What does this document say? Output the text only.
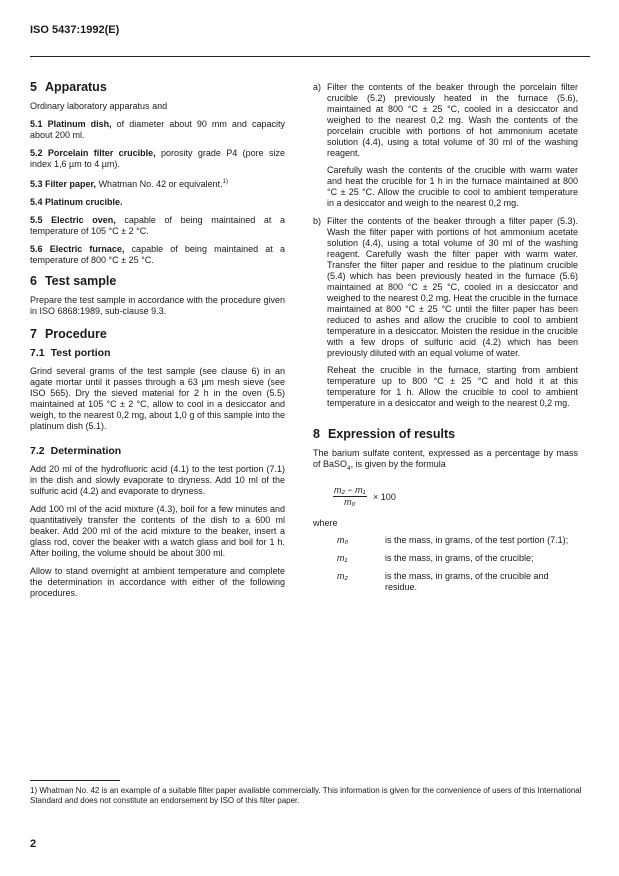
ISO 5437:1992(E)
5 Apparatus

Ordinary laboratory apparatus and

5.1 Platinum dish, of diameter about 90 mm and capacity about 200 ml.

5.2 Porcelain filter crucible, porosity grade P4 (pore size index 1,6 µm to 4 µm).

5.3 Filter paper, Whatman No. 42 or equivalent.$^{1)}$

5.4 Platinum crucible.

5.5 Electric oven, capable of being maintained at a temperature of 105 °C ± 2 °C.

5.6 Electric furnace, capable of being maintained at a temperature of 800 °C ± 25 °C.

6 Test sample

Prepare the test sample in accordance with the procedure given in ISO 6868:1989, sub-clause 9.3.

7 Procedure
7.1 Test portion

Grind several grams of the test sample (see clause 6) in an agate mortar until it passes through a 63 µm mesh sieve (see ISO 565). Dry the sieved material for 2 h in the oven (5.5) maintained at 105 °C ± 2 °C, allow to cool in a desiccator and weigh, to the nearest 0,2 mg, about 1,0 g of this sample into the platinum dish (5.1).

7.2 Determination

Add 20 ml of the hydrofluoric acid (4.1) to the test portion (7.1) in the dish and slowly evaporate to dryness. Add 10 ml of the sulfuric acid (4.2) and evaporate to dryness.

Add 100 ml of the acid mixture (4.3), boil for a few minutes and quantitatively transfer the contents of the dish to a 600 ml beaker. Add 200 ml of the acid mixture to the beaker, insert a glass rod, cover the beaker with a watch glass and boil for 1 h. After boiling, the volume should be about 300 ml.

Allow to stand overnight at ambient temperature and complete the determination in accordance with either of the following procedures.

a) Filter the contents of the beaker through the porcelain filter crucible (5.2) previously heated in the furnace (5.6), maintained at 800 °C ± 25 °C, cooled in a desiccator and weighed to the nearest 0,2 mg. Wash the contents of the porcelain crucible with portions of hot ammonium acetate solution (4.4), using a total volume of 30 ml of the washing reagent.

Carefully wash the contents of the crucible with warm water and heat the crucible for 1 h in the furnace maintained at 800 °C ± 25 °C. Allow the crucible to cool to ambient temperature in a desiccator and weigh to the nearest 0,2 mg.

b) Filter the contents of the beaker through a filter paper (5.3). Wash the filter paper with portions of hot ammonium acetate solution (4.4), using a total volume of 30 ml of the washing reagent. Carefully wash the filter paper with warm water. Transfer the filter paper and residue to the platinum crucible (5.4) which has been previously heated in the furnace (5.6) maintained at 800 °C ± 25 °C, cooled in a desiccator and weighed to the nearest 0,2 mg. Heat the crucible in the furnace maintained at 800 °C ± 25 °C until the filter paper has been reduced to ashes and allow the crucible to cool to ambient temperature in a desiccator. Moisten the residue in the crucible with a few drops of sulfuric acid (4.2) which has been previously diluted with an equal volume of water.

Reheat the crucible in the furnace, starting from ambient temperature up to 800 °C ± 25 °C and hold it at this temperature for 1 h. Allow the crucible to cool to ambient temperature in a desiccator and weigh to the nearest 0,2 mg.

8 Expression of results

The barium sulfate content, expressed as a percentage by mass of BaSO$_4$, is given by the formula

$\frac{\text{m₂ − m₁}}{\text{m₀}} \times 100$
where
m₀	is the mass, in grams, of the test portion (7.1);
m₁	is the mass, in grams, of the crucible;
m₂	is the mass, in grams, of the crucible and residue.
1) Whatman No. 42 is an example of a suitable filter paper available commercially. This information is given for the convenience of users of this International Standard and does not constitute an endorsement by ISO of this filter paper.
2
